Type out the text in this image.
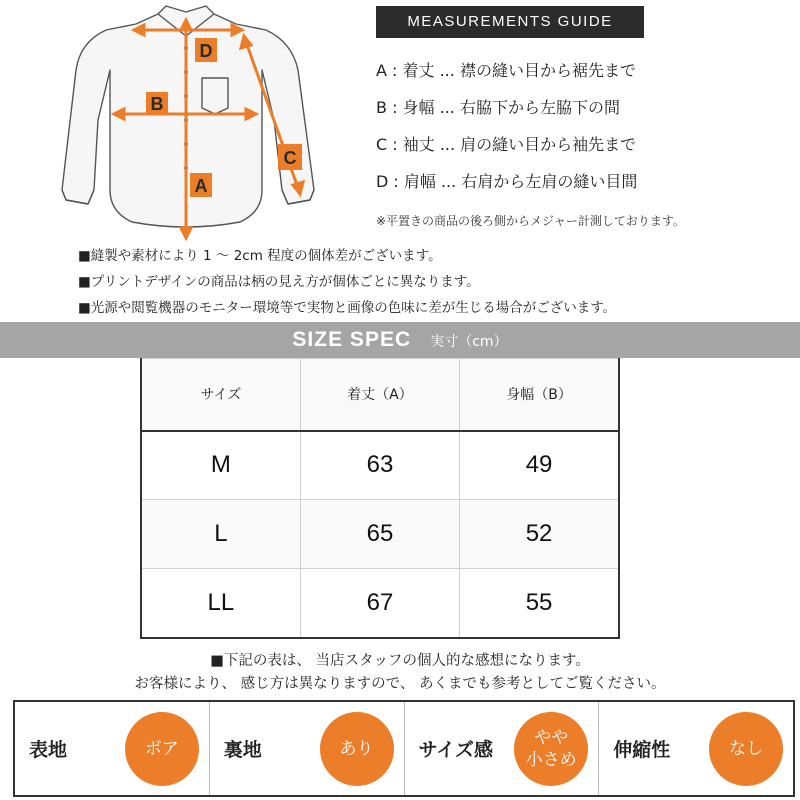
D
B
A
C
MEASUREMENTS GUIDE
A : 着丈 ... 襟の縫い目から裾先まで
B : 身幅 ... 右脇下から左脇下の間
C : 袖丈 ... 肩の縫い目から袖先まで
D : 肩幅 ... 右肩から左肩の縫い目間
※平置きの商品の後ろ側からメジャー計測しております。
■縫製や素材により 1 ～ 2cm 程度の個体差がございます。
■プリントデザインの商品は柄の見え方が個体ごとに異なります。
■光源や閲覧機器のモニター環境等で実物と画像の色味に差が生じる場合がございます。
SIZE SPEC 実寸（cm）
サイズ	着丈（A）	身幅（B）
M	63	49
L	65	52
LL	67	55
■下記の表は、 当店スタッフの個人的な感想になります。
お客様により、 感じ方は異なりますので、 あくまでも参考としてご覧ください。
表地	ボア	裏地	あり	サイズ感
やや
小さめ	伸縮性	なし
